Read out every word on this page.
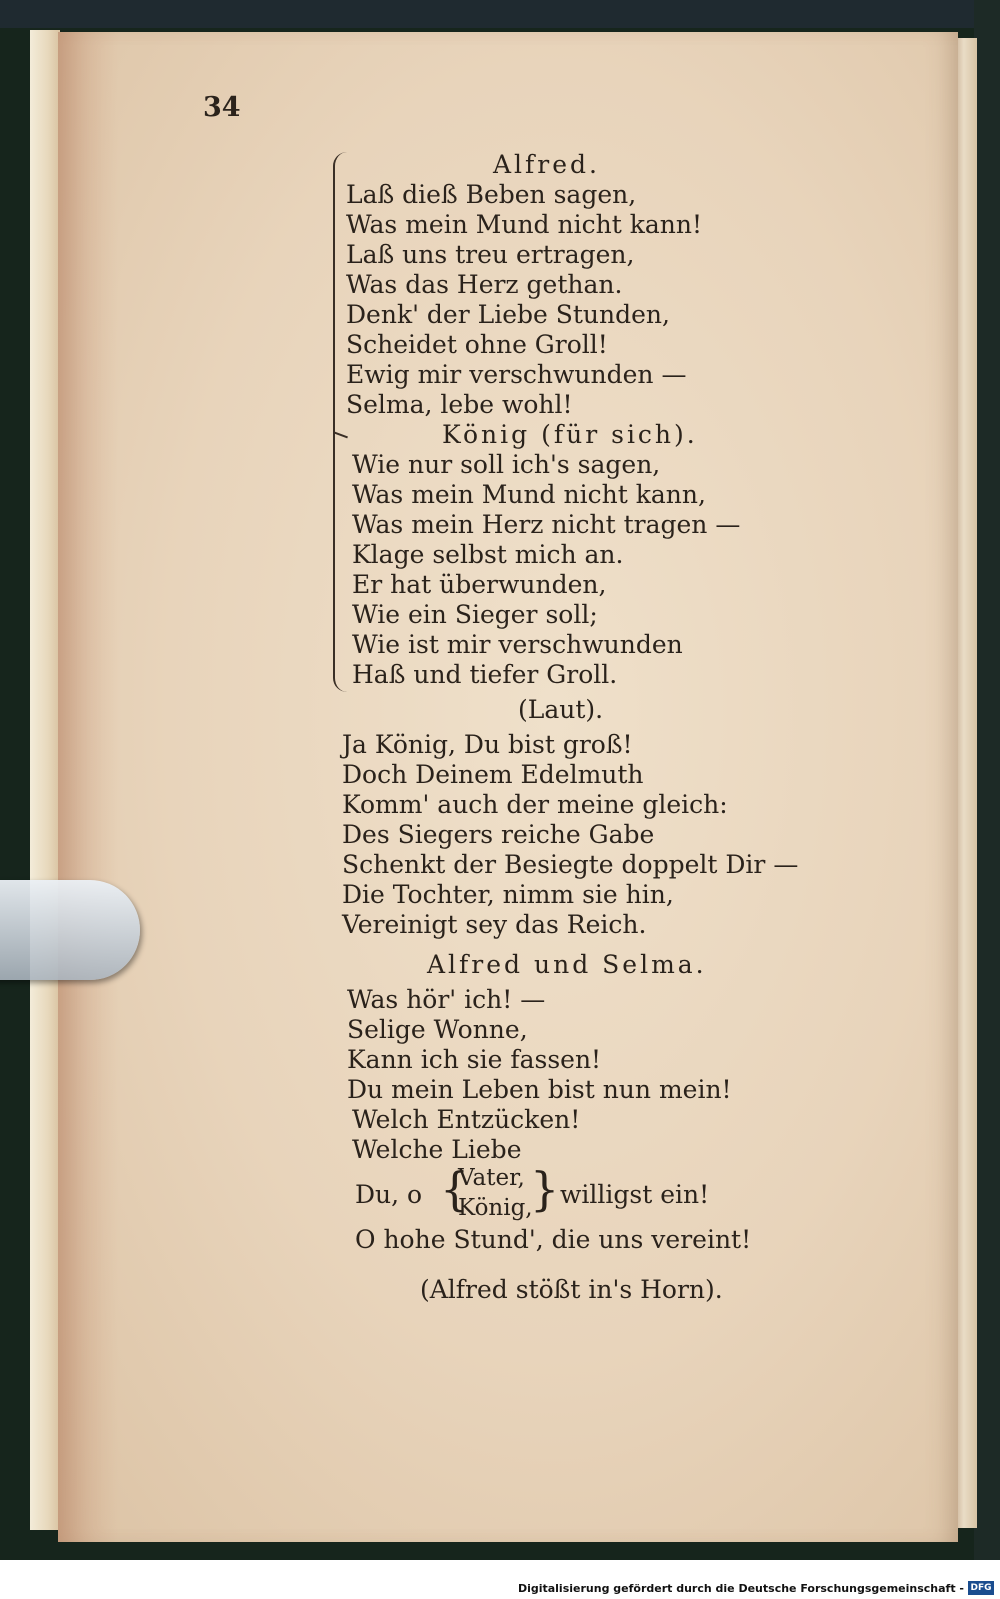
34
Alfred.
Laß dieß Beben sagen,
Was mein Mund nicht kann!
Laß uns treu ertragen,
Was das Herz gethan.
Denk' der Liebe Stunden,
Scheidet ohne Groll!
Ewig mir verschwunden —
Selma, lebe wohl!
König (für sich).
Wie nur soll ich's sagen,
Was mein Mund nicht kann,
Was mein Herz nicht tragen —
Klage selbst mich an.
Er hat überwunden,
Wie ein Sieger soll;
Wie ist mir verschwunden
Haß und tiefer Groll.
(Laut).
Ja König, Du bist groß!
Doch Deinem Edelmuth
Komm' auch der meine gleich:
Des Siegers reiche Gabe
Schenkt der Besiegte doppelt Dir —
Die Tochter, nimm sie hin,
Vereinigt sey das Reich.
Alfred und Selma.
Was hör' ich! —
Selige Wonne,
Kann ich sie fassen!
Du mein Leben bist nun mein!
Welch Entzücken!
Welche Liebe
Du, o {
Vater,
König,
} willigst ein!
O hohe Stund', die uns vereint!
(Alfred stößt in's Horn).
Digitalisierung gefördert durch die Deutsche Forschungsgemeinschaft - DFG
